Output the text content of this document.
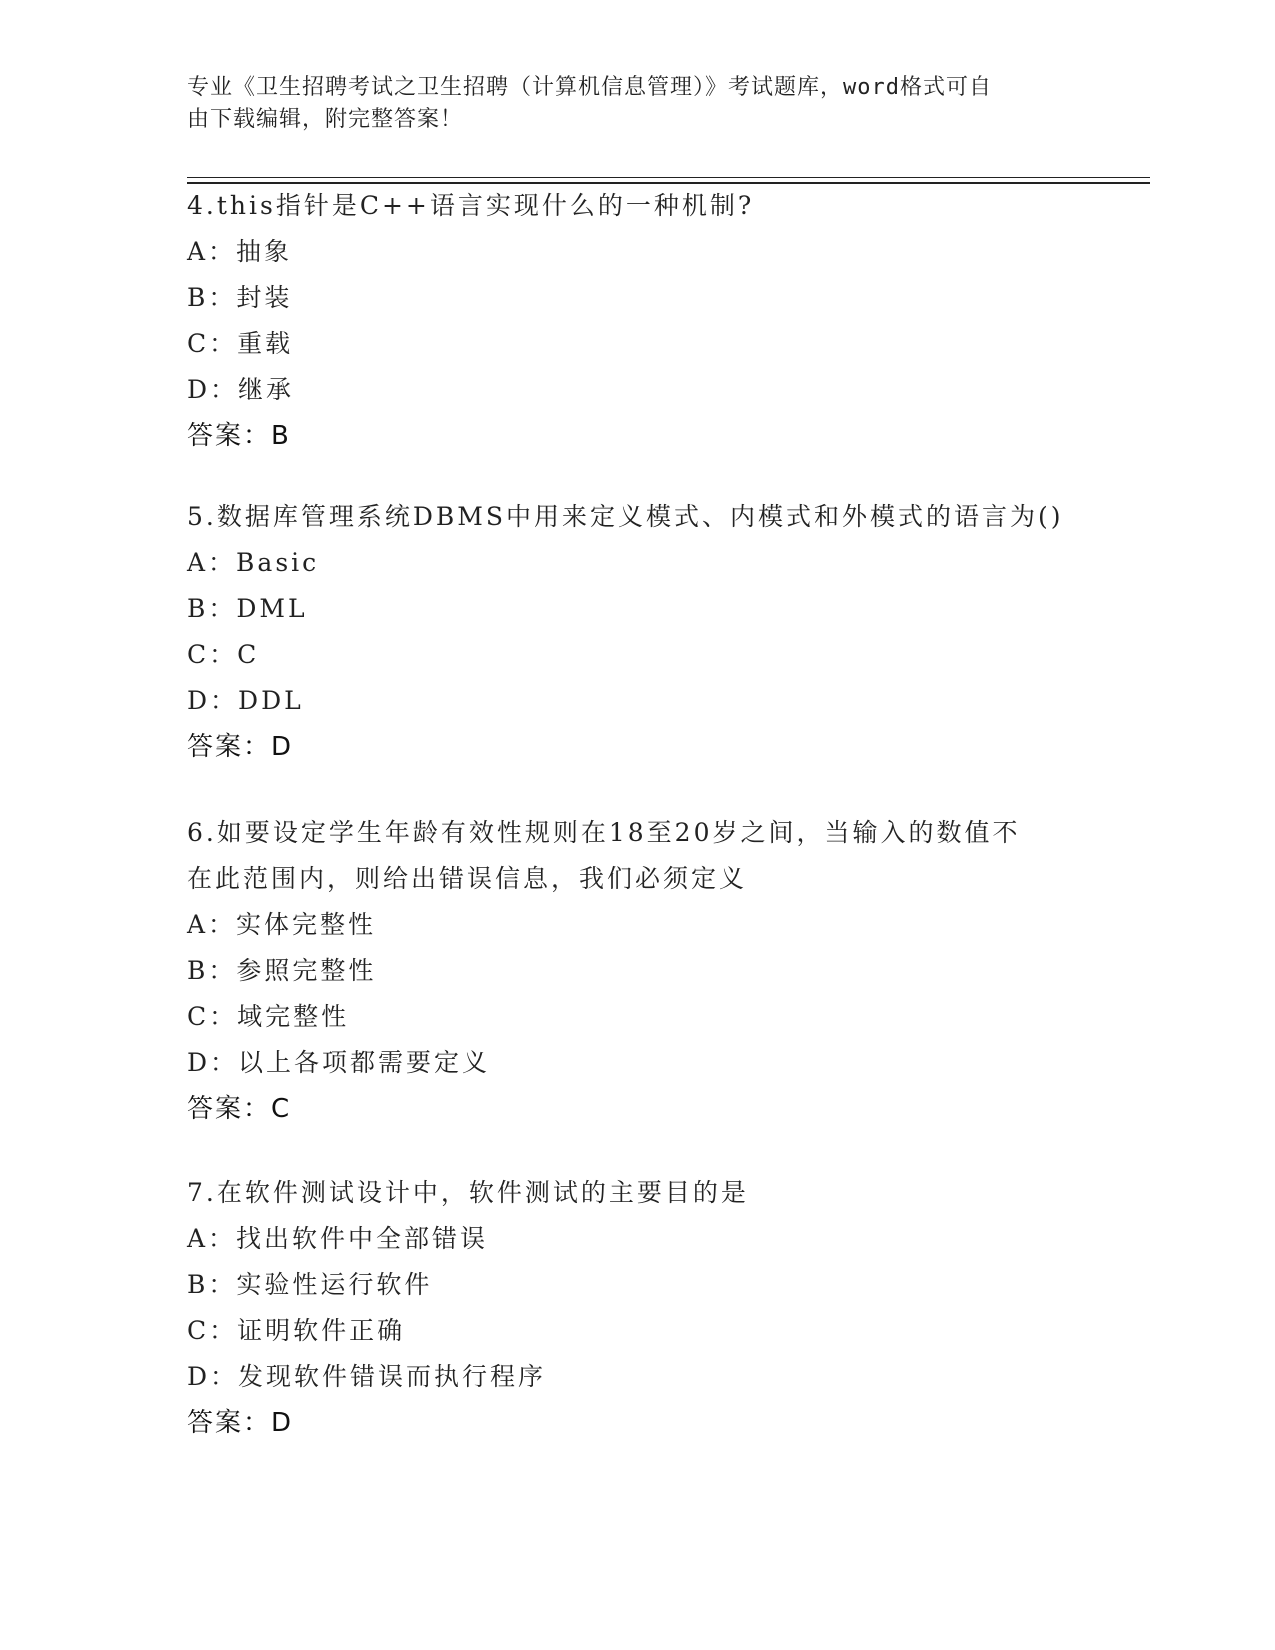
专业《卫生招聘考试之卫生招聘（计算机信息管理）》考试题库，word格式可自
由下载编辑，附完整答案！
4.this指针是C++语言实现什么的一种机制?
A：抽象
B：封装
C：重载
D：继承
答案：B
5.数据库管理系统DBMS中用来定义模式、内模式和外模式的语言为()
A：Basic
B：DML
C：C
D：DDL
答案：D
6.如要设定学生年龄有效性规则在18至20岁之间，当输入的数值不在此范围内，则给出错误信息，我们必须定义
A：实体完整性
B：参照完整性
C：域完整性
D：以上各项都需要定义
答案：C
7.在软件测试设计中，软件测试的主要目的是
A：找出软件中全部错误
B：实验性运行软件
C：证明软件正确
D：发现软件错误而执行程序
答案：D
